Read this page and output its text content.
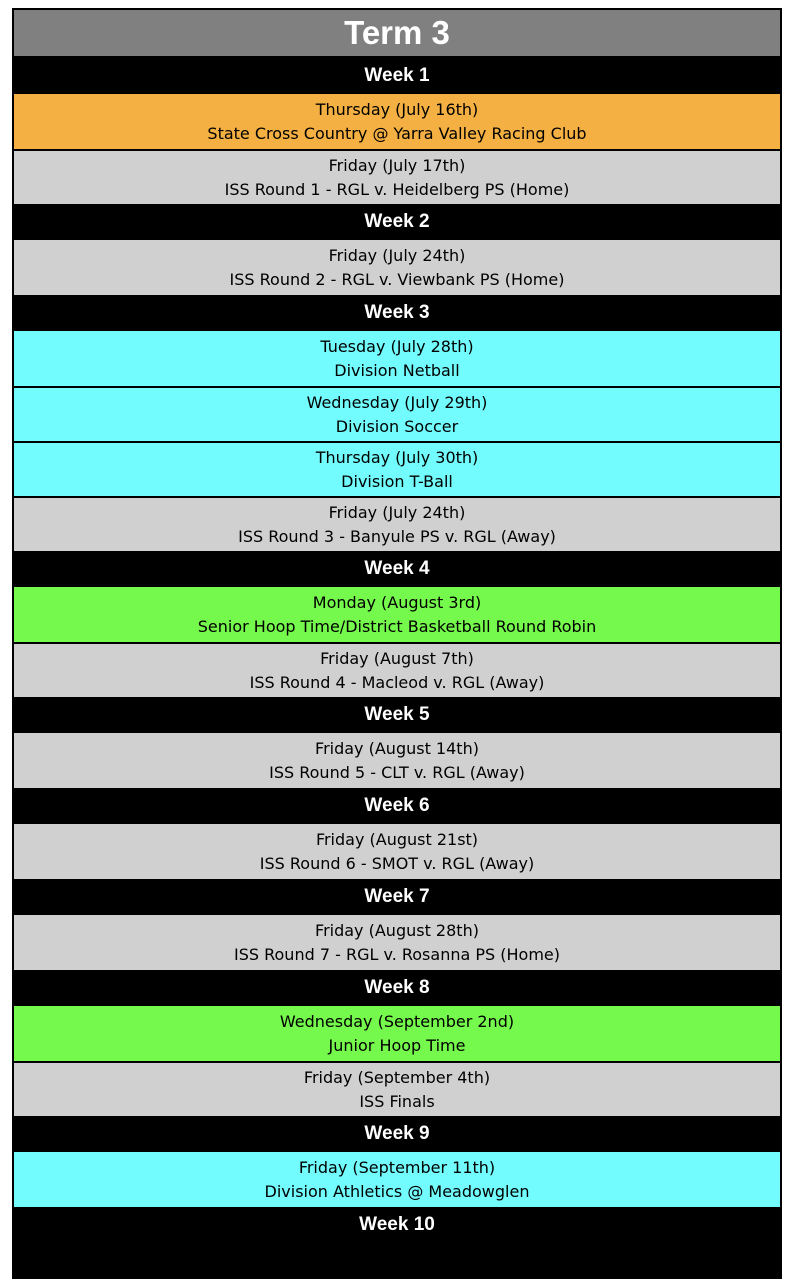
Term 3
Week 1
Thursday (July 16th)
State Cross Country @ Yarra Valley Racing Club
Friday (July 17th)
ISS Round 1 - RGL v. Heidelberg PS (Home)
Week 2
Friday (July 24th)
ISS Round 2 - RGL v. Viewbank PS (Home)
Week 3
Tuesday (July 28th)
Division Netball
Wednesday (July 29th)
Division Soccer
Thursday (July 30th)
Division T-Ball
Friday (July 24th)
ISS Round 3 - Banyule PS v. RGL (Away)
Week 4
Monday (August 3rd)
Senior Hoop Time/District Basketball Round Robin
Friday (August 7th)
ISS Round 4 - Macleod v. RGL (Away)
Week 5
Friday (August 14th)
ISS Round 5 - CLT v. RGL (Away)
Week 6
Friday (August 21st)
ISS Round 6 - SMOT v. RGL (Away)
Week 7
Friday (August 28th)
ISS Round 7 - RGL v. Rosanna PS (Home)
Week 8
Wednesday (September 2nd)
Junior Hoop Time
Friday (September 4th)
ISS Finals
Week 9
Friday (September 11th)
Division Athletics @ Meadowglen
Week 10
